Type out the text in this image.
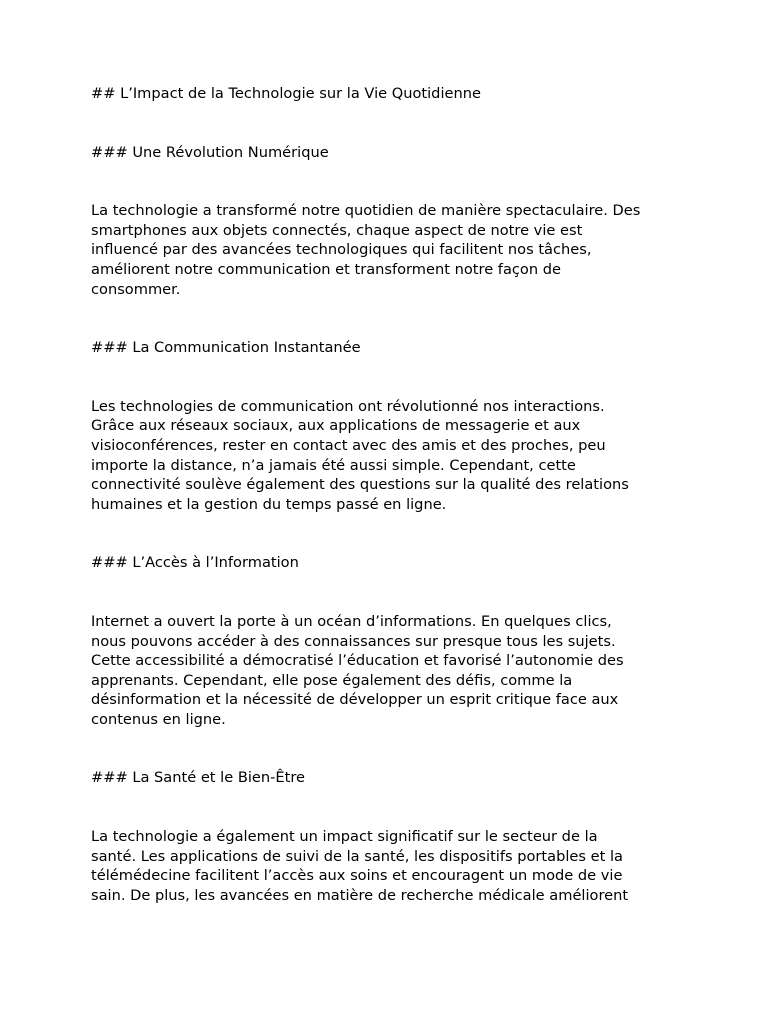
## L’Impact de la Technologie sur la Vie Quotidienne
### Une Révolution Numérique
La technologie a transformé notre quotidien de manière spectaculaire. Des
smartphones aux objets connectés, chaque aspect de notre vie est
influencé par des avancées technologiques qui facilitent nos tâches,
améliorent notre communication et transforment notre façon de
consommer.
### La Communication Instantanée
Les technologies de communication ont révolutionné nos interactions.
Grâce aux réseaux sociaux, aux applications de messagerie et aux
visioconférences, rester en contact avec des amis et des proches, peu
importe la distance, n’a jamais été aussi simple. Cependant, cette
connectivité soulève également des questions sur la qualité des relations
humaines et la gestion du temps passé en ligne.
### L’Accès à l’Information
Internet a ouvert la porte à un océan d’informations. En quelques clics,
nous pouvons accéder à des connaissances sur presque tous les sujets.
Cette accessibilité a démocratisé l’éducation et favorisé l’autonomie des
apprenants. Cependant, elle pose également des défis, comme la
désinformation et la nécessité de développer un esprit critique face aux
contenus en ligne.
### La Santé et le Bien-Être
La technologie a également un impact significatif sur le secteur de la
santé. Les applications de suivi de la santé, les dispositifs portables et la
télémédecine facilitent l’accès aux soins et encouragent un mode de vie
sain. De plus, les avancées en matière de recherche médicale améliorent
